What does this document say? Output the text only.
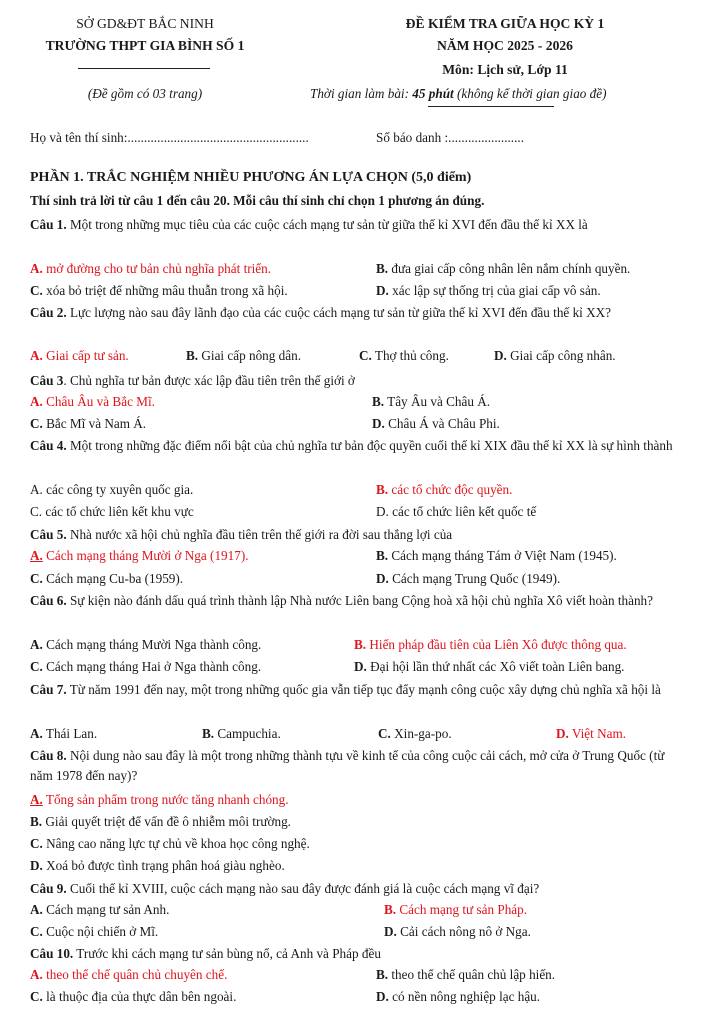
SỞ GD&ĐT BẮC NINH
TRƯỜNG THPT GIA BÌNH SỐ 1
(Đề gồm có 03 trang)
ĐỀ KIỂM TRA GIỮA HỌC KỲ 1
NĂM HỌC 2025 - 2026
Môn: Lịch sử, Lớp 11
Thời gian làm bài: 45 phút (không kể thời gian giao đề)
Họ và tên thí sinh:.......................................................	Số báo danh :.......................
PHẦN 1. TRẮC NGHIỆM NHIỀU PHƯƠNG ÁN LỰA CHỌN (5,0 điểm)
Thí sinh trả lời từ câu 1 đến câu 20. Mỗi câu thí sinh chỉ chọn 1 phương án đúng.
Câu 1. Một trong những mục tiêu của các cuộc cách mạng tư sản từ giữa thế kỉ XVI đến đầu thế kỉ XX là
A. mở đường cho tư bản chủ nghĩa phát triển.	B. đưa giai cấp công nhân lên nắm chính quyền.
C. xóa bỏ triệt để những mâu thuẫn trong xã hội.	D. xác lập sự thống trị của giai cấp vô sản.
Câu 2. Lực lượng nào sau đây lãnh đạo của các cuộc cách mạng tư sản từ giữa thế kỉ XVI đến đầu thế kỉ XX?
A. Giai cấp tư sản.	B. Giai cấp nông dân.	C. Thợ thủ công.	D. Giai cấp công nhân.
Câu 3. Chủ nghĩa tư bản được xác lập đầu tiên trên thế giới ở
A. Châu Âu và Bắc Mĩ.	B. Tây Âu và Châu Á.
C. Bắc Mĩ và Nam Á.	D. Châu Á và Châu Phi.
Câu 4. Một trong những đặc điểm nổi bật của chủ nghĩa tư bản độc quyền cuối thế kỉ XIX đầu thế kỉ XX là sự hình thành
A. các công ty xuyên quốc gia.	B. các tổ chức độc quyền.
C. các tổ chức liên kết khu vực	D. các tổ chức liên kết quốc tế
Câu 5. Nhà nước xã hội chủ nghĩa đầu tiên trên thế giới ra đời sau thắng lợi của
A. Cách mạng tháng Mười ở Nga (1917).	B. Cách mạng tháng Tám ở Việt Nam (1945).
C. Cách mạng Cu-ba (1959).	D. Cách mạng Trung Quốc (1949).
Câu 6. Sự kiện nào đánh dấu quá trình thành lập Nhà nước Liên bang Cộng hoà xã hội chủ nghĩa Xô viết hoàn thành?
A. Cách mạng tháng Mười Nga thành công.	B. Hiến pháp đầu tiên của Liên Xô được thông qua.
C. Cách mạng tháng Hai ở Nga thành công.	D. Đại hội lần thứ nhất các Xô viết toàn Liên bang.
Câu 7. Từ năm 1991 đến nay, một trong những quốc gia vẫn tiếp tục đẩy mạnh công cuộc xây dựng chủ nghĩa xã hội là
A. Thái Lan.	B. Campuchia.	C. Xin-ga-po.	D. Việt Nam.
Câu 8. Nội dung nào sau đây là một trong những thành tựu về kinh tế của công cuộc cải cách, mở cửa ở Trung Quốc (từ năm 1978 đến nay)?
A. Tổng sản phẩm trong nước tăng nhanh chóng.
B. Giải quyết triệt để vấn đề ô nhiễm môi trường.
C. Nâng cao năng lực tự chủ về khoa học công nghệ.
D. Xoá bỏ được tình trạng phân hoá giàu nghèo.
Câu 9. Cuối thế kỉ XVIII, cuộc cách mạng nào sau đây được đánh giá là cuộc cách mạng vĩ đại?
A. Cách mạng tư sản Anh.	B. Cách mạng tư sản Pháp.
C. Cuộc nội chiến ở Mĩ.	D. Cải cách nông nô ở Nga.
Câu 10. Trước khi cách mạng tư sản bùng nổ, cả Anh và Pháp đều
A. theo thể chế quân chủ chuyên chế.	B. theo thể chế quân chủ lập hiến.
C. là thuộc địa của thực dân bên ngoài.	D. có nền nông nghiệp lạc hậu.
